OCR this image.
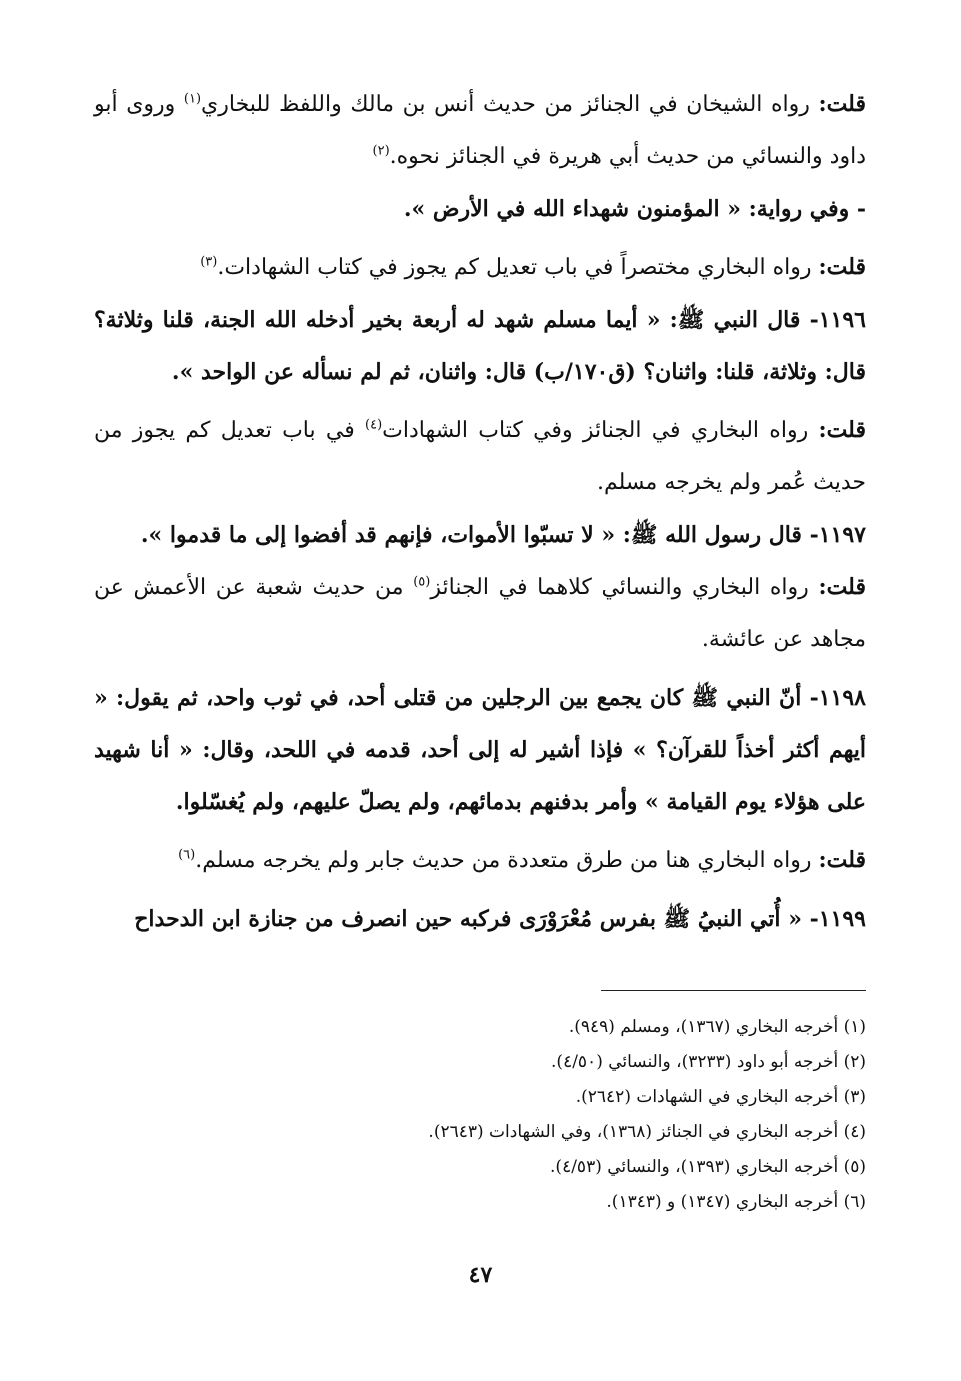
قلت: رواه الشيخان في الجنائز من حديث أنس بن مالك واللفظ للبخاري$^{(١)}$ وروى أبو داود والنسائي من حديث أبي هريرة في الجنائز نحوه.$^{(٢)}$

- وفي رواية: « المؤمنون شهداء الله في الأرض ».

قلت: رواه البخاري مختصراً في باب تعديل كم يجوز في كتاب الشهادات.$^{(٣)}$

١١٩٦- قال النبي ﷺ: « أيما مسلم شهد له أربعة بخير أدخله الله الجنة، قلنا وثلاثة؟ قال: وثلاثة، قلنا: واثنان؟ (ق١٧٠/ب) قال: واثنان، ثم لم نسأله عن الواحد ».

قلت: رواه البخاري في الجنائز وفي كتاب الشهادات$^{(٤)}$ في باب تعديل كم يجوز من حديث عُمر ولم يخرجه مسلم.

١١٩٧- قال رسول الله ﷺ: « لا تسبّوا الأموات، فإنهم قد أفضوا إلى ما قدموا ».

قلت: رواه البخاري والنسائي كلاهما في الجنائز$^{(٥)}$ من حديث شعبة عن الأعمش عن مجاهد عن عائشة.

١١٩٨- أنّ النبي ﷺ كان يجمع بين الرجلين من قتلى أحد، في ثوب واحد، ثم يقول: « أيهم أكثر أخذاً للقرآن؟ » فإذا أشير له إلى أحد، قدمه في اللحد، وقال: « أنا شهيد على هؤلاء يوم القيامة » وأمر بدفنهم بدمائهم، ولم يصلّ عليهم، ولم يُغسّلوا.

قلت: رواه البخاري هنا من طرق متعددة من حديث جابر ولم يخرجه مسلم.$^{(٦)}$

١١٩٩- « أُتي النبيُ ﷺ بفرس مُعْرَوْرَى فركبه حين انصرف من جنازة ابن الدحداح

(١) أخرجه البخاري (١٣٦٧)، ومسلم (٩٤٩).

(٢) أخرجه أبو داود (٣٢٣٣)، والنسائي (٤/٥٠).

(٣) أخرجه البخاري في الشهادات (٢٦٤٢).

(٤) أخرجه البخاري في الجنائز (١٣٦٨)، وفي الشهادات (٢٦٤٣).

(٥) أخرجه البخاري (١٣٩٣)، والنسائي (٤/٥٣).

(٦) أخرجه البخاري (١٣٤٧) و (١٣٤٣).

٤٧
